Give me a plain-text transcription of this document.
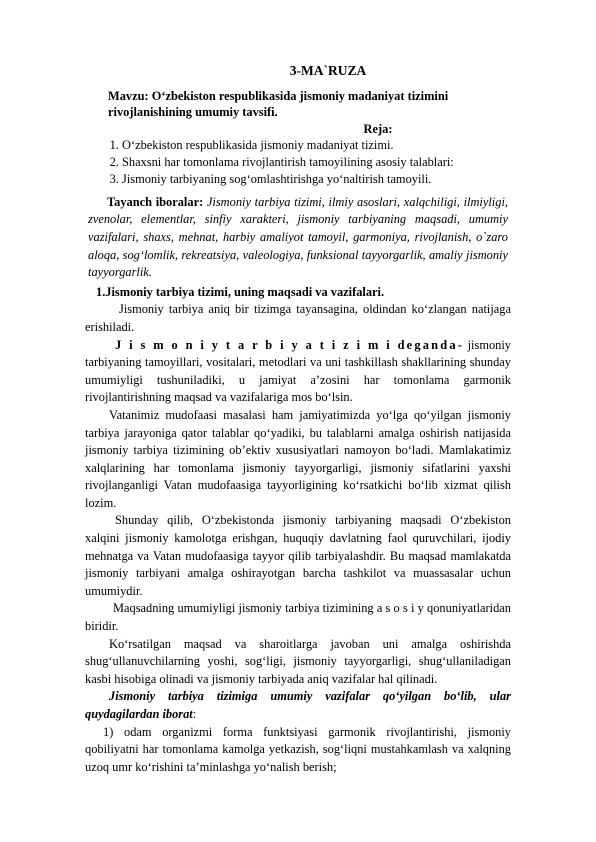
3-MA`RUZA
Mavzu: O‘zbekiston respublikasida jismoniy madaniyat tizimini rivojlanishining umumiy tavsifi.
Reja:
1. O‘zbekiston respublikasida jismoniy madaniyat tizimi.
2. Shaxsni har tomonlama rivojlantirish tamoyilining asosiy talablari:
3. Jismoniy tarbiyaning sog‘omlashtirishga yo‘naltirish tamoyili.
Tayanch iboralar: Jismoniy tarbiya tizimi, ilmiy asoslari, xalqchiligi, ilmiyligi, zvenolar, elementlar, sinfiy xarakteri, jismoniy tarbiyaning maqsadi, umumiy vazifalari, shaxs, mehnat, harbiy amaliyot tamoyil, garmoniya, rivojlanish, o`zaro aloqa, sog‘lomlik, rekreatsiya, valeologiya, funksional tayyorgarlik, amaliy jismoniy tayyorgarlik.
1.Jismoniy tarbiya tizimi, uning maqsadi va vazifalari.

Jismoniy tarbiya aniq bir tizimga tayansagina, oldindan ko‘zlangan natijaga erishiladi.

J i s m o n i y t a r b i y a t i z i m i deganda- jismoniy tarbiyaning tamoyillari, vositalari, metodlari va uni tashkillash shakllarining shunday umumiyligi tushuniladiki, u jamiyat a’zosini har tomonlama garmonik rivojlantirishning maqsad va vazifalariga mos bo‘lsin.

Vatanimiz mudofaasi masalasi ham jamiyatimizda yo‘lga qo‘yilgan jismoniy tarbiya jarayoniga qator talablar qo‘yadiki, bu talablarni amalga oshirish natijasida jismoniy tarbiya tizimining ob’ektiv xususiyatlari namoyon bo‘ladi. Mamlakatimiz xalqlarining har tomonlama jismoniy tayyorgarligi, jismoniy sifatlarini yaxshi rivojlanganligi Vatan mudofaasiga tayyorligining ko‘rsatkichi bo‘lib xizmat qilish lozim.

Shunday qilib, O‘zbekistonda jismoniy tarbiyaning maqsadi O‘zbekiston xalqini jismoniy kamolotga erishgan, huquqiy davlatning faol quruvchilari, ijodiy mehnatga va Vatan mudofaasiga tayyor qilib tarbiyalashdir. Bu maqsad mamlakatda jismoniy tarbiyani amalga oshirayotgan barcha tashkilot va muassasalar uchun umumiydir.

Maqsadning umumiyligi jismoniy tarbiya tizimining a s o s i y qonuniyatlaridan biridir.

Ko‘rsatilgan maqsad va sharoitlarga javoban uni amalga oshirishda shug‘ullanuvchilarning yoshi, sog‘ligi, jismoniy tayyorgarligi, shug‘ullaniladigan kasbi hisobiga olinadi va jismoniy tarbiyada aniq vazifalar hal qilinadi.

Jismoniy tarbiya tizimiga umumiy vazifalar qo‘yilgan bo‘lib, ular quydagilardan iborat:

1) odam organizmi forma funktsiyasi garmonik rivojlantirishi, jismoniy qobiliyatni har tomonlama kamolga yetkazish, sog‘liqni mustahkamlash va xalqning uzoq umr ko‘rishini ta’minlashga yo‘nalish berish;
